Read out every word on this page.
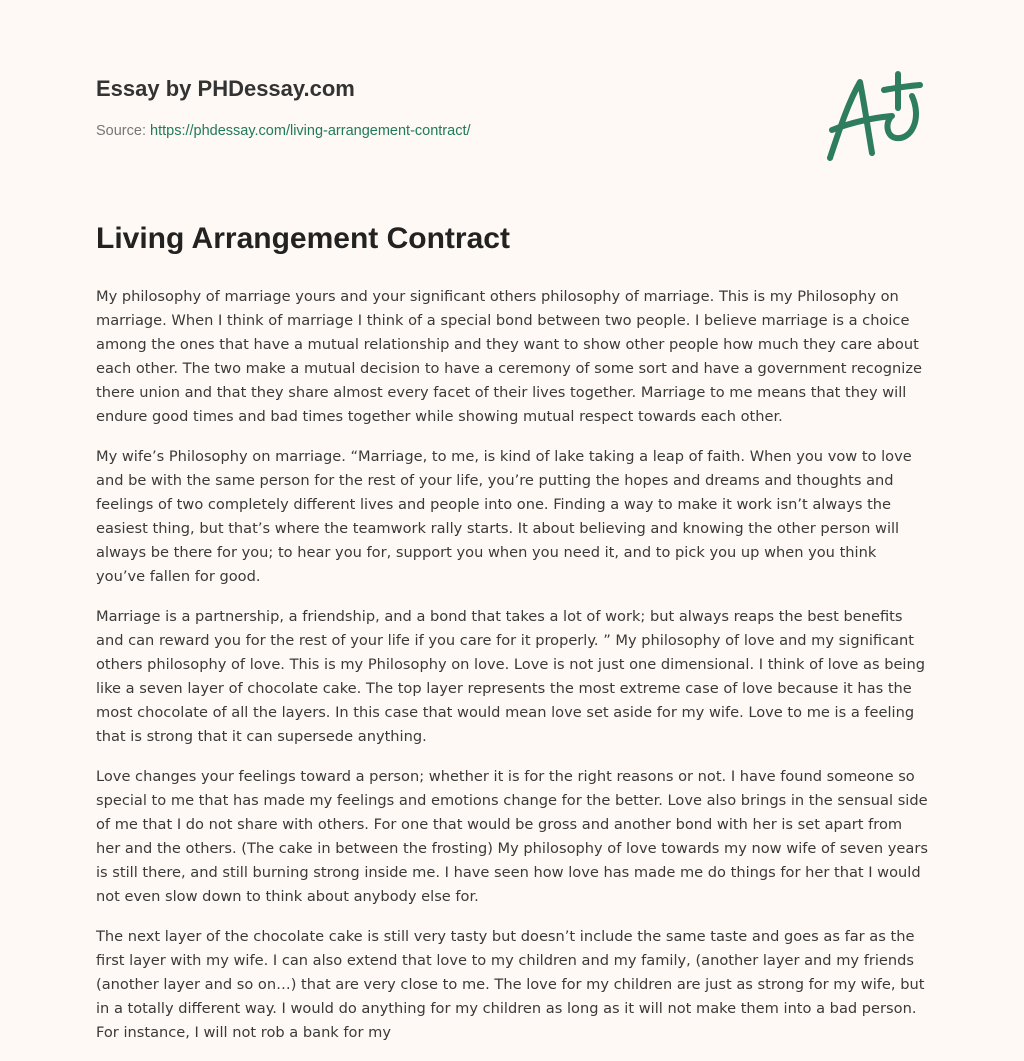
Essay by PHDessay.com
Source: https://phdessay.com/living-arrangement-contract/
Living Arrangement Contract

My philosophy of marriage yours and your significant others philosophy of marriage. This is my Philosophy on marriage. When I think of marriage I think of a special bond between two people. I believe marriage is a choice among the ones that have a mutual relationship and they want to show other people how much they care about each other. The two make a mutual decision to have a ceremony of some sort and have a government recognize there union and that they share almost every facet of their lives together. Marriage to me means that they will endure good times and bad times together while showing mutual respect towards each other.

My wife’s Philosophy on marriage. “Marriage, to me, is kind of lake taking a leap of faith. When you vow to love and be with the same person for the rest of your life, you’re putting the hopes and dreams and thoughts and feelings of two completely different lives and people into one. Finding a way to make it work isn’t always the easiest thing, but that’s where the teamwork rally starts. It about believing and knowing the other person will always be there for you; to hear you for, support you when you need it, and to pick you up when you think you’ve fallen for good.

Marriage is a partnership, a friendship, and a bond that takes a lot of work; but always reaps the best benefits and can reward you for the rest of your life if you care for it properly. ” My philosophy of love and my significant others philosophy of love. This is my Philosophy on love. Love is not just one dimensional. I think of love as being like a seven layer of chocolate cake. The top layer represents the most extreme case of love because it has the most chocolate of all the layers. In this case that would mean love set aside for my wife. Love to me is a feeling that is strong that it can supersede anything.

Love changes your feelings toward a person; whether it is for the right reasons or not. I have found someone so special to me that has made my feelings and emotions change for the better. Love also brings in the sensual side of me that I do not share with others. For one that would be gross and another bond with her is set apart from her and the others. (The cake in between the frosting) My philosophy of love towards my now wife of seven years is still there, and still burning strong inside me. I have seen how love has made me do things for her that I would not even slow down to think about anybody else for.

The next layer of the chocolate cake is still very tasty but doesn’t include the same taste and goes as far as the first layer with my wife. I can also extend that love to my children and my family, (another layer and my friends (another layer and so on…) that are very close to me. The love for my children are just as strong for my wife, but in a totally different way. I would do anything for my children as long as it will not make them into a bad person. For instance, I will not rob a bank for my
